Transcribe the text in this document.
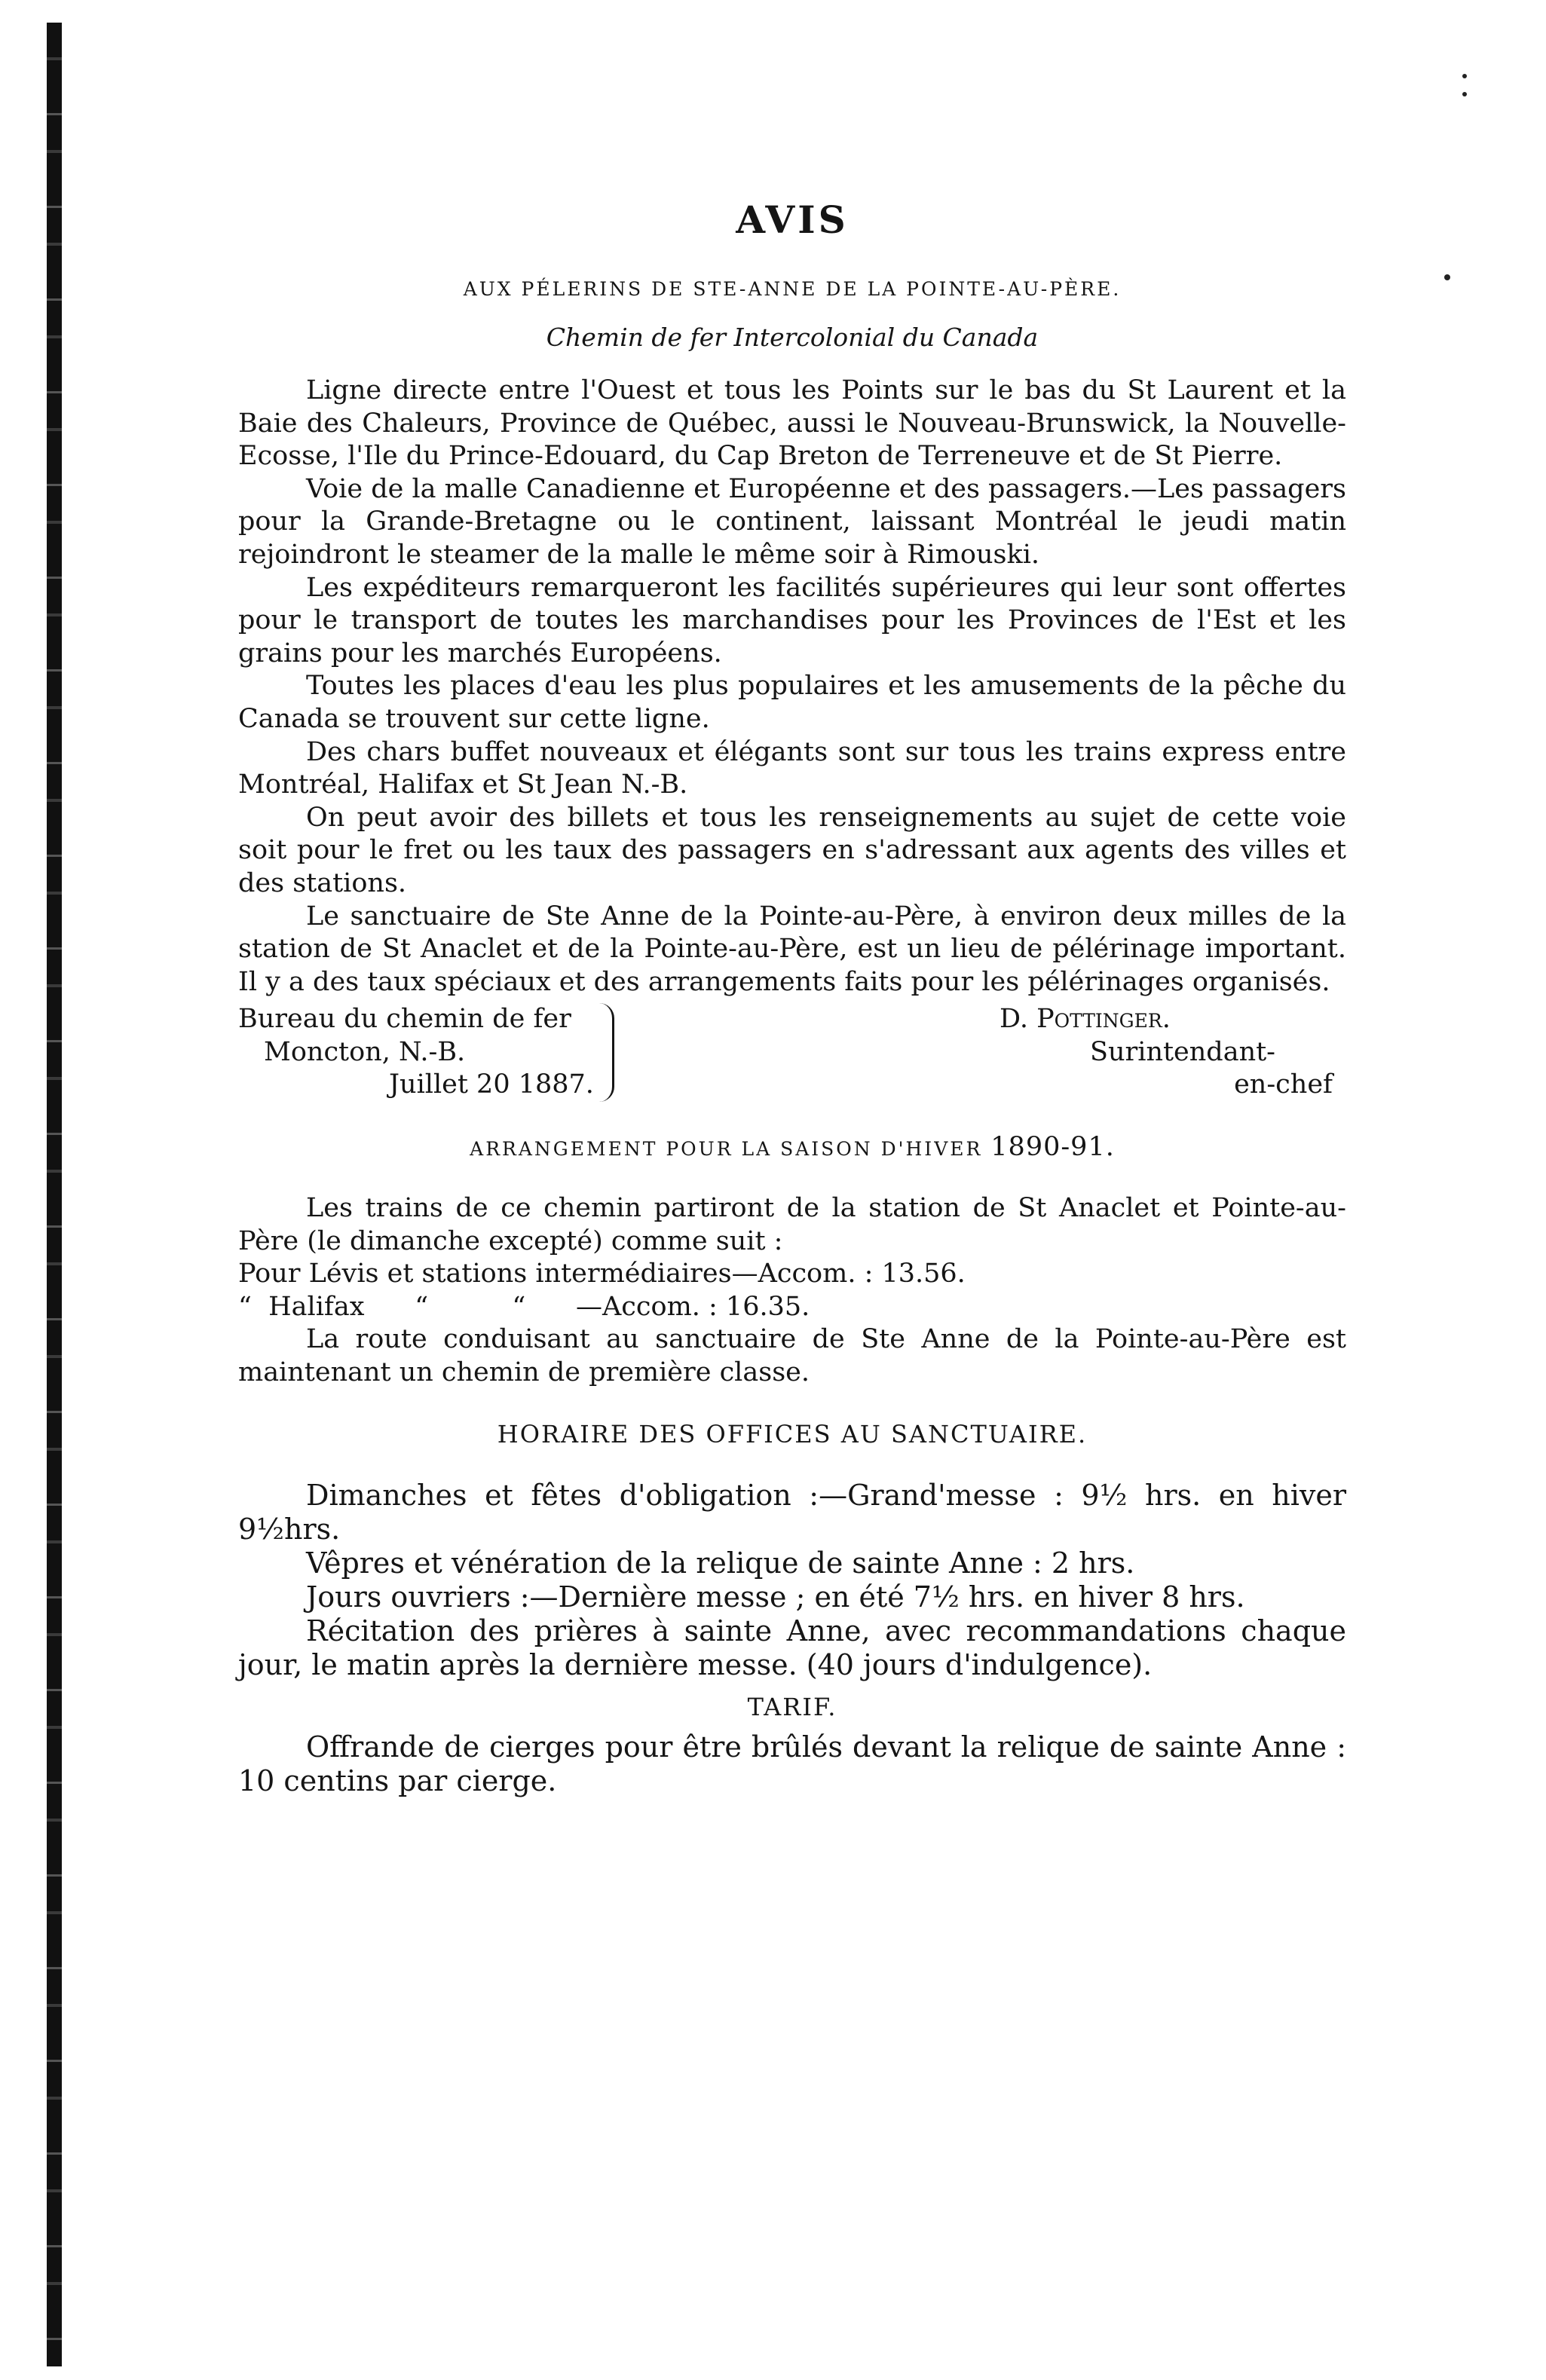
AVIS
AUX PÉLERINS DE STE-ANNE DE LA POINTE-AU-PÈRE.
Chemin de fer Intercolonial du Canada

Ligne directe entre l'Ouest et tous les Points sur le bas du St Laurent et la Baie des Chaleurs, Province de Québec, aussi le Nouveau-Brunswick, la Nouvelle-Ecosse, l'Ile du Prince-Edouard, du Cap Breton de Terreneuve et de St Pierre.

Voie de la malle Canadienne et Européenne et des passagers.—Les passagers pour la Grande-Bretagne ou le continent, laissant Montréal le jeudi matin rejoindront le steamer de la malle le même soir à Rimouski.

Les expéditeurs remarqueront les facilités supérieures qui leur sont offertes pour le transport de toutes les marchandises pour les Provinces de l'Est et les grains pour les marchés Européens.

Toutes les places d'eau les plus populaires et les amusements de la pêche du Canada se trouvent sur cette ligne.

Des chars buffet nouveaux et élégants sont sur tous les trains express entre Montréal, Halifax et St Jean N.-B.

On peut avoir des billets et tous les renseignements au sujet de cette voie soit pour le fret ou les taux des passagers en s'adressant aux agents des villes et des stations.

Le sanctuaire de Ste Anne de la Pointe-au-Père, à environ deux milles de la station de St Anaclet et de la Pointe-au-Père, est un lieu de pélérinage important. Il y a des taux spéciaux et des arrangements faits pour les pélérinages organisés.

Bureau du chemin de fer
Moncton, N.-B.
Juillet 20 1887.
D. Pottinger.
Surintendant-
en-chef
ARRANGEMENT POUR LA SAISON D'HIVER 1890-91.

Les trains de ce chemin partiront de la station de St Anaclet et Pointe-au-Père (le dimanche excepté) comme suit :

Pour Lévis et stations intermédiaires—Accom. : 13.56.

“  Halifax      “          “      —Accom. : 16.35.

La route conduisant au sanctuaire de Ste Anne de la Pointe-au-Père est maintenant un chemin de première classe.

HORAIRE DES OFFICES AU SANCTUAIRE.

Dimanches et fêtes d'obligation :—Grand'messe : 9½ hrs. en hiver 9½hrs.

Vêpres et vénération de la relique de sainte Anne : 2 hrs.

Jours ouvriers :—Dernière messe ; en été 7½ hrs. en hiver 8 hrs.

Récitation des prières à sainte Anne, avec recommandations chaque jour, le matin après la dernière messe. (40 jours d'indulgence).

TARIF.

Offrande de cierges pour être brûlés devant la relique de sainte Anne : 10 centins par cierge.
